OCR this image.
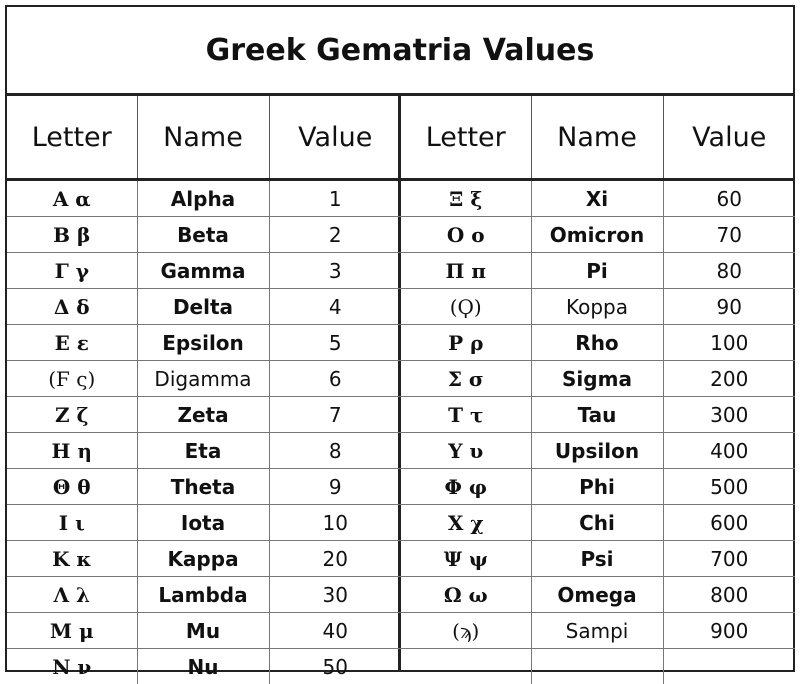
Greek Gematria Values
Letter	Name	Value
Α α	Alpha	1
Β β	Beta	2
Γ γ	Gamma	3
Δ δ	Delta	4
Ε ε	Epsilon	5
(Ϝ ς)	Digamma	6
Ζ ζ	Zeta	7
Η η	Eta	8
Θ θ	Theta	9
Ι ι	Iota	10
Κ κ	Kappa	20
Λ λ	Lambda	30
Μ μ	Mu	40
Ν ν	Nu	50
Letter	Name	Value
Ξ ξ	Xi	60
Ο ο	Omicron	70
Π π	Pi	80
(Ϙ)	Koppa	90
Ρ ρ	Rho	100
Σ σ	Sigma	200
Τ τ	Tau	300
Υ υ	Upsilon	400
Φ φ	Phi	500
Χ χ	Chi	600
Ψ ψ	Psi	700
Ω ω	Omega	800
(ϡ)	Sampi	900
